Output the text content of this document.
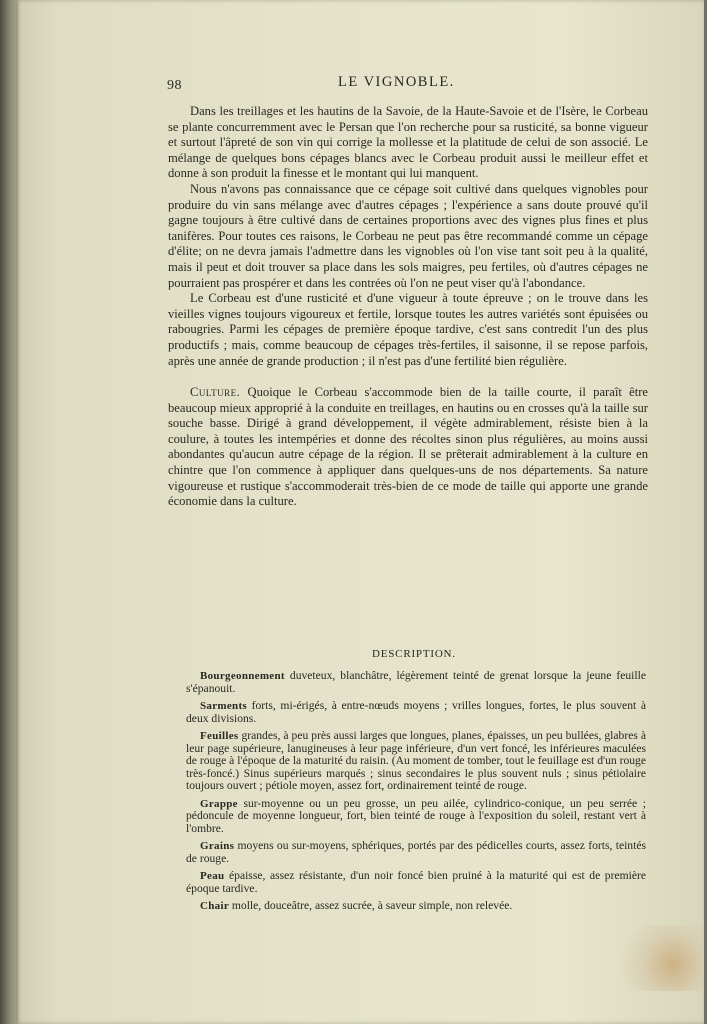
98	LE VIGNOBLE.

Dans les treillages et les hautins de la Savoie, de la Haute-Savoie et de l'Isère, le Corbeau se plante concurremment avec le Persan que l'on recherche pour sa rusticité, sa bonne vigueur et surtout l'âpreté de son vin qui corrige la mollesse et la platitude de celui de son associé. Le mélange de quelques bons cépages blancs avec le Corbeau produit aussi le meilleur effet et donne à son produit la finesse et le montant qui lui manquent.

Nous n'avons pas connaissance que ce cépage soit cultivé dans quelques vignobles pour produire du vin sans mélange avec d'autres cépages ; l'expérience a sans doute prouvé qu'il gagne toujours à être cultivé dans de certaines proportions avec des vignes plus fines et plus tanifères. Pour toutes ces raisons, le Corbeau ne peut pas être recommandé comme un cépage d'élite; on ne devra jamais l'admettre dans les vignobles où l'on vise tant soit peu à la qualité, mais il peut et doit trouver sa place dans les sols maigres, peu fertiles, où d'autres cépages ne pourraient pas prospérer et dans les contrées où l'on ne peut viser qu'à l'abondance.

Le Corbeau est d'une rusticité et d'une vigueur à toute épreuve ; on le trouve dans les vieilles vignes toujours vigoureux et fertile, lorsque toutes les autres variétés sont épuisées ou rabougries. Parmi les cépages de première époque tardive, c'est sans contredit l'un des plus productifs ; mais, comme beaucoup de cépages très-fertiles, il saisonne, il se repose parfois, après une année de grande production ; il n'est pas d'une fertilité bien régulière.

Culture. Quoique le Corbeau s'accommode bien de la taille courte, il paraît être beaucoup mieux approprié à la conduite en treillages, en hautins ou en crosses qu'à la taille sur souche basse. Dirigé à grand développement, il végète admirablement, résiste bien à la coulure, à toutes les intempéries et donne des récoltes sinon plus régulières, au moins aussi abondantes qu'aucun autre cépage de la région. Il se prêterait admirablement à la culture en chintre que l'on commence à appliquer dans quelques-uns de nos départements. Sa nature vigoureuse et rustique s'accommoderait très-bien de ce mode de taille qui apporte une grande économie dans la culture.

DESCRIPTION.

Bourgeonnement duveteux, blanchâtre, légèrement teinté de grenat lorsque la jeune feuille s'épanouit.

Sarments forts, mi-érigés, à entre-nœuds moyens ; vrilles longues, fortes, le plus souvent à deux divisions.

Feuilles grandes, à peu près aussi larges que longues, planes, épaisses, un peu bullées, glabres à leur page supérieure, lanugineuses à leur page inférieure, d'un vert foncé, les inférieures maculées de rouge à l'époque de la maturité du raisin. (Au moment de tomber, tout le feuillage est d'un rouge très-foncé.) Sinus supérieurs marqués ; sinus secondaires le plus souvent nuls ; sinus pétiolaire toujours ouvert ; pétiole moyen, assez fort, ordinairement teinté de rouge.

Grappe sur-moyenne ou un peu grosse, un peu ailée, cylindrico-conique, un peu serrée ; pédoncule de moyenne longueur, fort, bien teinté de rouge à l'exposition du soleil, restant vert à l'ombre.

Grains moyens ou sur-moyens, sphériques, portés par des pédicelles courts, assez forts, teintés de rouge.

Peau épaisse, assez résistante, d'un noir foncé bien pruiné à la maturité qui est de première époque tardive.

Chair molle, douceâtre, assez sucrée, à saveur simple, non relevée.
